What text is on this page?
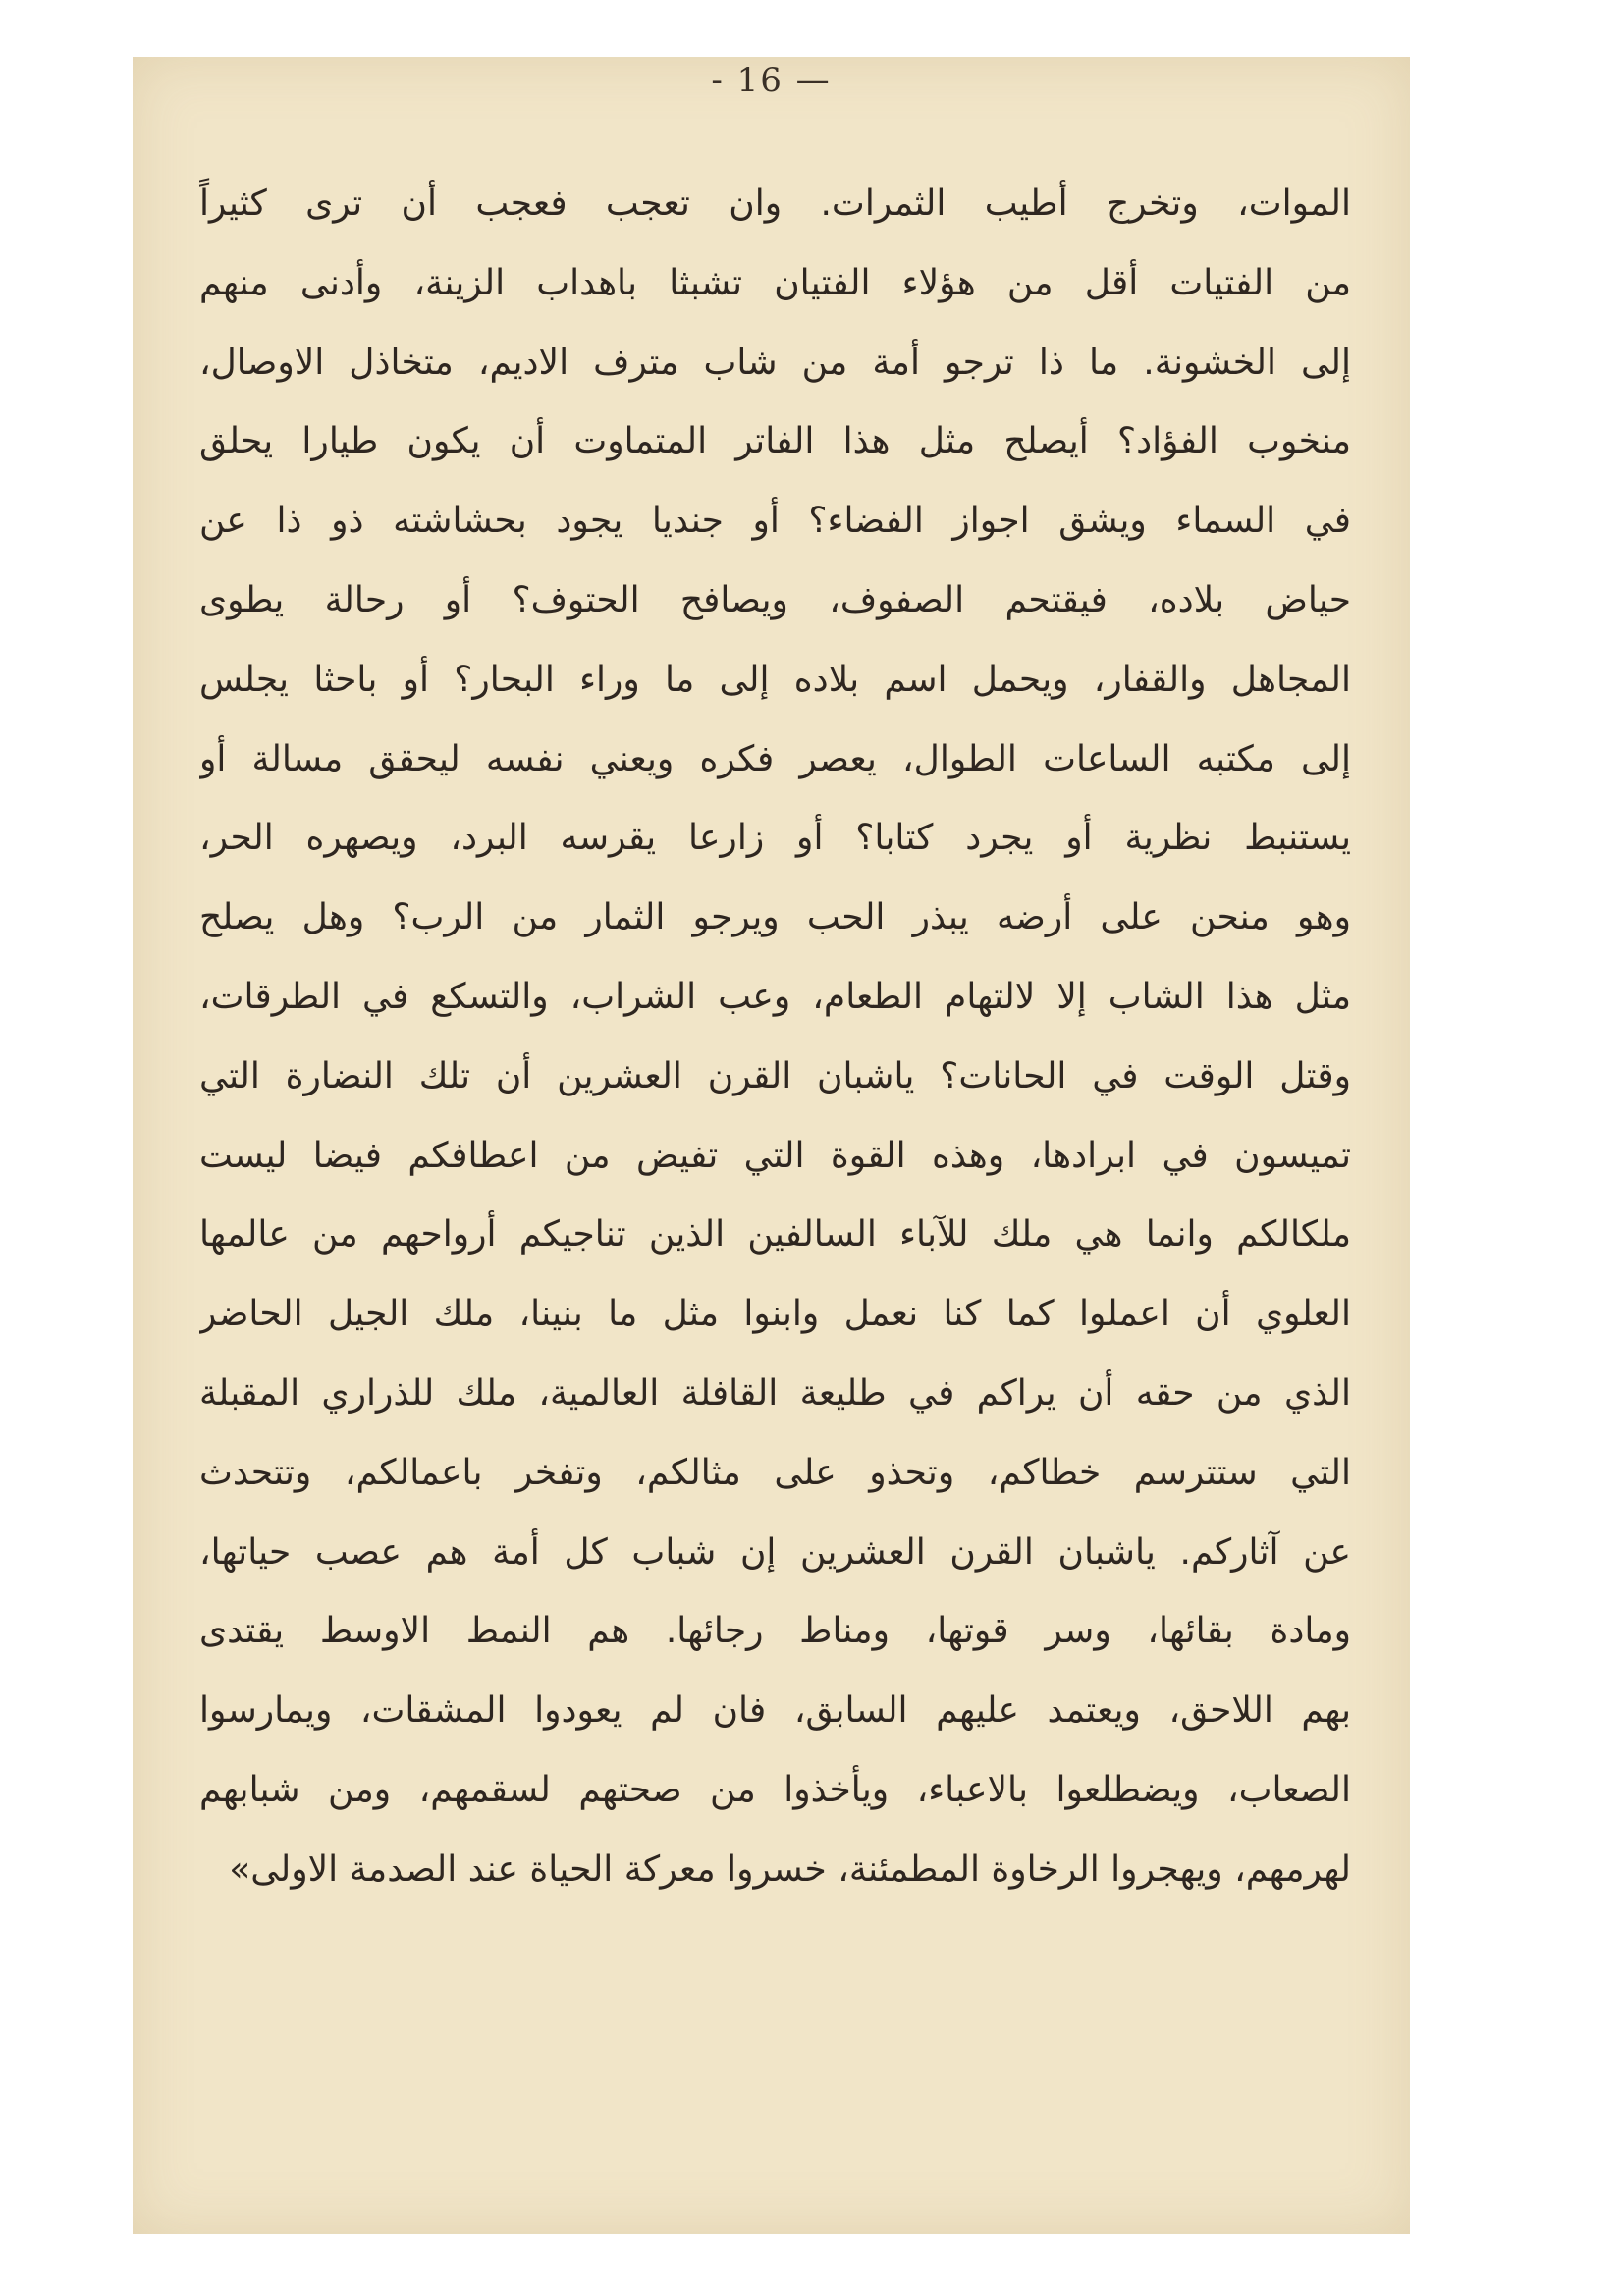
- 16 —
الموات، وتخرج أطيب الثمرات. وان تعجب فعجب أن ترى كثيراً
من الفتيات أقل من هؤلاء الفتيان تشبثا باهداب الزينة، وأدنى منهم
إلى الخشونة. ما ذا ترجو أمة من شاب مترف الاديم، متخاذل الاوصال،
منخوب الفؤاد؟ أيصلح مثل هذا الفاتر المتماوت أن يكون طيارا يحلق
في السماء ويشق اجواز الفضاء؟ أو جنديا يجود بحشاشته ذو ذا عن
حياض بلاده، فيقتحم الصفوف، ويصافح الحتوف؟ أو رحالة يطوى
المجاهل والقفار، ويحمل اسم بلاده إلى ما وراء البحار؟ أو باحثا يجلس
إلى مكتبه الساعات الطوال، يعصر فكره ويعني نفسه ليحقق مسالة أو
يستنبط نظرية أو يجرد كتابا؟ أو زارعا يقرسه البرد، ويصهره الحر،
وهو منحن على أرضه يبذر الحب ويرجو الثمار من الرب؟ وهل يصلح
مثل هذا الشاب إلا لالتهام الطعام، وعب الشراب، والتسكع في الطرقات،
وقتل الوقت في الحانات؟ ياشبان القرن العشرين أن تلك النضارة التي
تميسون في ابرادها، وهذه القوة التي تفيض من اعطافكم فيضا ليست
ملكالكم وانما هي ملك للآباء السالفين الذين تناجيكم أرواحهم من عالمها
العلوي أن اعملوا كما كنا نعمل وابنوا مثل ما بنينا، ملك الجيل الحاضر
الذي من حقه أن يراكم في طليعة القافلة العالمية، ملك للذراري المقبلة
التي ستترسم خطاكم، وتحذو على مثالكم، وتفخر باعمالكم، وتتحدث
عن آثاركم. ياشبان القرن العشرين إن شباب كل أمة هم عصب حياتها،
ومادة بقائها، وسر قوتها، ومناط رجائها. هم النمط الاوسط يقتدى
بهم اللاحق، ويعتمد عليهم السابق، فان لم يعودوا المشقات، ويمارسوا
الصعاب، ويضطلعوا بالاعباء، ويأخذوا من صحتهم لسقمهم، ومن شبابهم
لهرمهم، ويهجروا الرخاوة المطمئنة، خسروا معركة الحياة عند الصدمة الاولى»
